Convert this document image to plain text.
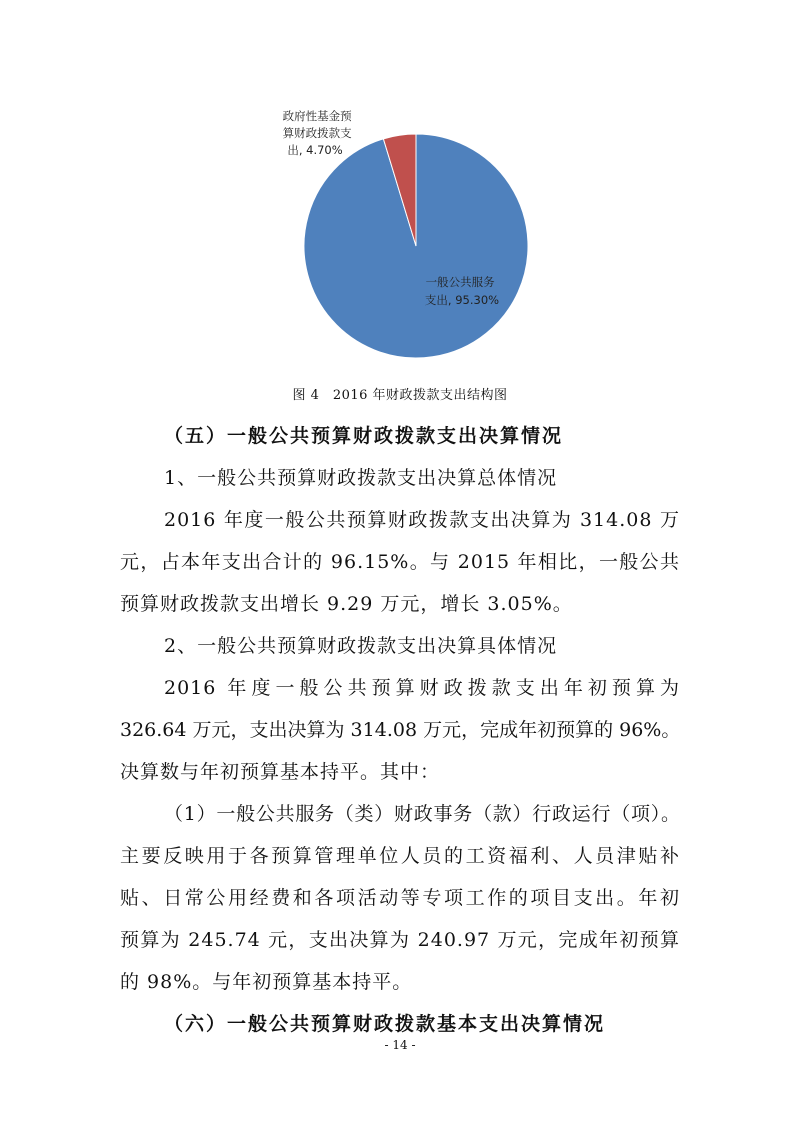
一般公共服务 支出, 95.30%
政府性基金预 算财政拨款支 出, 4.70%
图 4　2016 年财政拨款支出结构图
（五）一般公共预算财政拨款支出决算情况
1、一般公共预算财政拨款支出决算总体情况
2016 年度一般公共预算财政拨款支出决算为 314.08 万
元，占本年支出合计的 96.15%。与 2015 年相比，一般公共
预算财政拨款支出增长 9.29 万元，增长 3.05%。
2、一般公共预算财政拨款支出决算具体情况
2016 年度一般公共预算财政拨款支出年初预算为
326.64 万元，支出决算为 314.08 万元，完成年初预算的 96%。
决算数与年初预算基本持平。其中：
（1）一般公共服务（类）财政事务（款）行政运行（项）。
主要反映用于各预算管理单位人员的工资福利、人员津贴补
贴、日常公用经费和各项活动等专项工作的项目支出。年初
预算为 245.74 元，支出决算为 240.97 万元，完成年初预算
的 98%。与年初预算基本持平。
（六）一般公共预算财政拨款基本支出决算情况
- 14 -
